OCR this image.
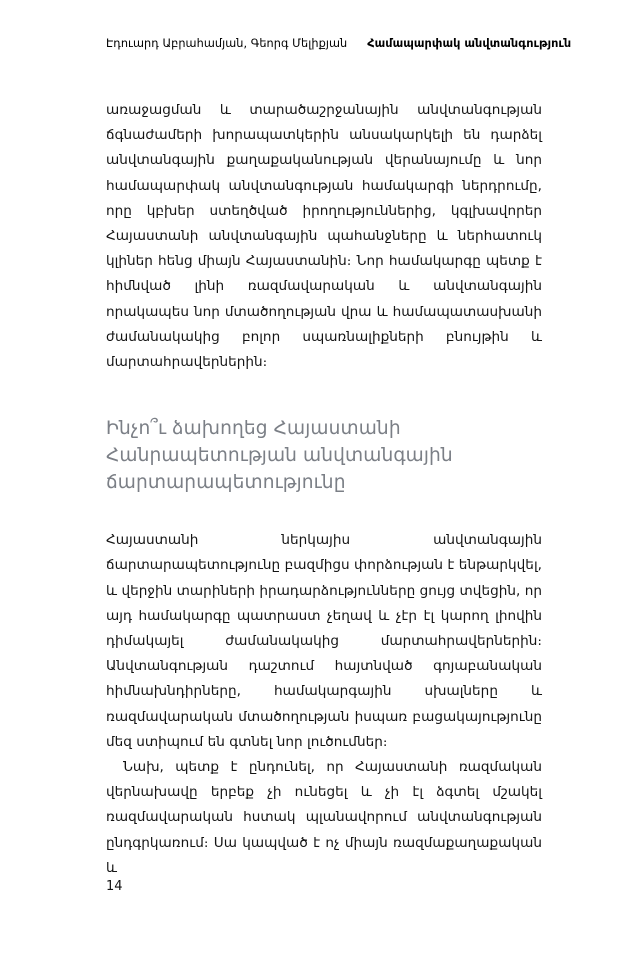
Էդուարդ Աբրահամյան, Գեորգ Մելիքյան Համապարփակ անվտանգություն

առաջացման և տարածաշրջանային անվտանգության ճգնաժամերի խորապատկերին անսակարկելի են դարձել անվտանգային քաղաքականության վերանայումը և նոր համապարփակ անվտանգության համակարգի ներդրումը, որը կբխեր ստեղծված իրողություններից, կգլխավորեր Հայաստանի անվտանգային պահանջները և ներհատուկ կլիներ հենց միայն Հայաստանին։ Նոր համակարգը պետք է հիմնված լինի ռազմավարական և անվտանգային որակապես նոր մտածողության վրա և համապատասխանի ժամանակակից բոլոր սպառնալիքների բնույթին և մարտահրավերներին։

Ինչո՞ւ ձախողեց Հայաստանի Հանրապետության անվտանգային ճարտարապետությունը

Հայաստանի ներկայիս անվտանգային ճարտարապետությունը բազմիցս փորձության է ենթարկվել, և վերջին տարիների իրադարձությունները ցույց տվեցին, որ այդ համակարգը պատրաստ չեղավ և չէր էլ կարող լիովին դիմակայել ժամանակակից մարտահրավերներին։ Անվտանգության դաշտում հայտնված գոյաբանական հիմնախնդիրները, համակարգային սխալները և ռազմավարական մտածողության իսպառ բացակայությունը մեզ ստիպում են գտնել նոր լուծումներ։

Նախ, պետք է ընդունել, որ Հայաստանի ռազմական վերնախավը երբեք չի ունեցել և չի էլ ձգտել մշակել ռազմավարական հստակ պլանավորում անվտանգության ընդգրկառում։ Սա կապված է ոչ միայն ռազմաքաղաքական և

14
